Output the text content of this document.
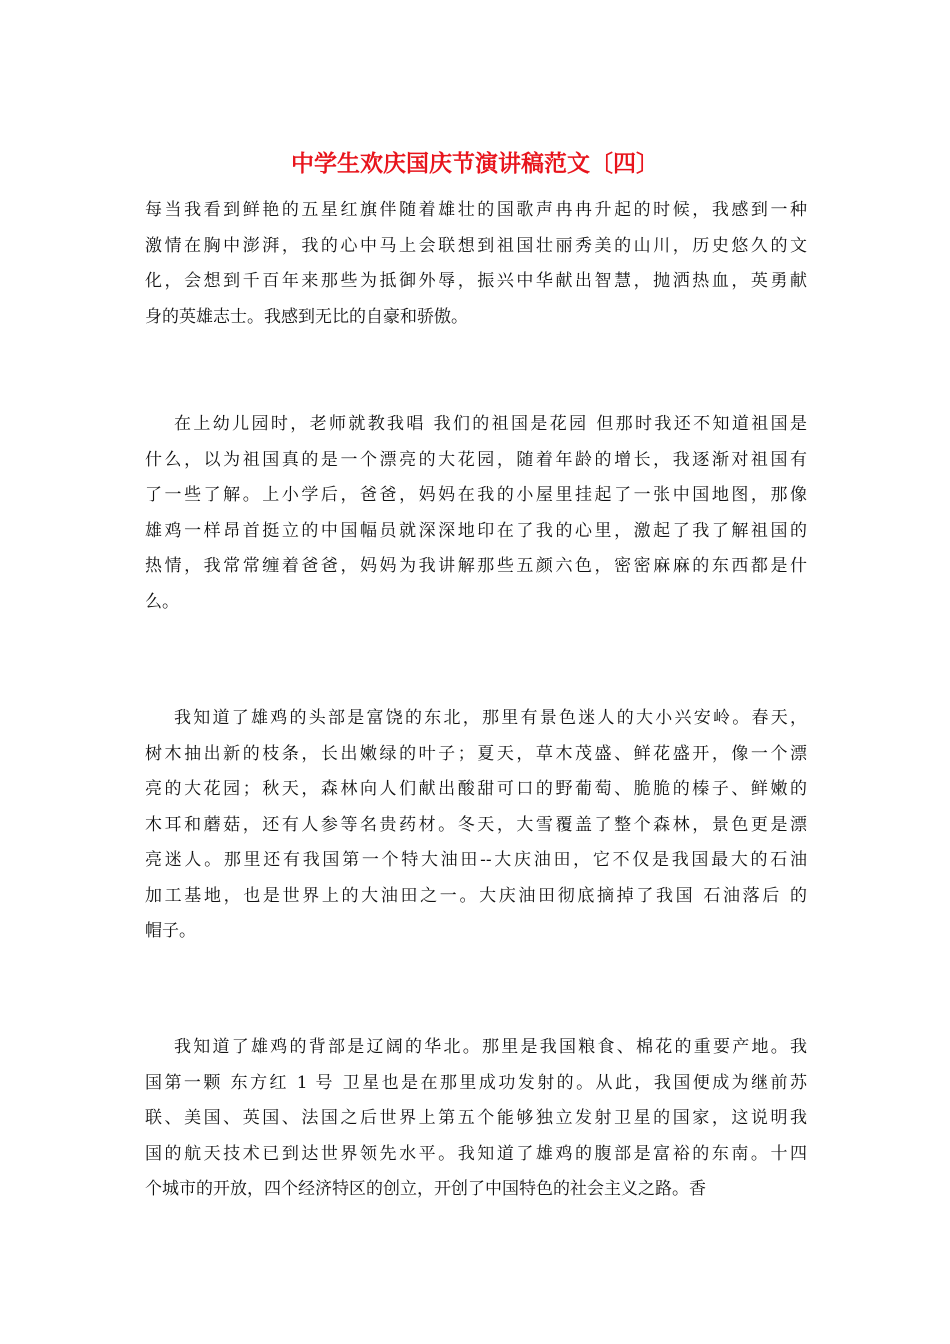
中学生欢庆国庆节演讲稿范文〔四〕
每当我看到鲜艳的五星红旗伴随着雄壮的国歌声冉冉升起的时候，我感到一种
激情在胸中澎湃，我的心中马上会联想到祖国壮丽秀美的山川，历史悠久的文
化，会想到千百年来那些为抵御外辱，振兴中华献出智慧，抛洒热血，英勇献
身的英雄志士。我感到无比的自豪和骄傲。
在上幼儿园时，老师就教我唱 我们的祖国是花园 但那时我还不知道祖国是
什么，以为祖国真的是一个漂亮的大花园，随着年龄的增长，我逐渐对祖国有
了一些了解。上小学后，爸爸，妈妈在我的小屋里挂起了一张中国地图，那像
雄鸡一样昂首挺立的中国幅员就深深地印在了我的心里，激起了我了解祖国的
热情，我常常缠着爸爸，妈妈为我讲解那些五颜六色，密密麻麻的东西都是什
么。
我知道了雄鸡的头部是富饶的东北，那里有景色迷人的大小兴安岭。春天，
树木抽出新的枝条，长出嫩绿的叶子；夏天，草木茂盛、鲜花盛开，像一个漂
亮的大花园；秋天，森林向人们献出酸甜可口的野葡萄、脆脆的榛子、鲜嫩的
木耳和蘑菇，还有人参等名贵药材。冬天，大雪覆盖了整个森林，景色更是漂
亮迷人。那里还有我国第一个特大油田--大庆油田，它不仅是我国最大的石油
加工基地，也是世界上的大油田之一。大庆油田彻底摘掉了我国 石油落后 的
帽子。
我知道了雄鸡的背部是辽阔的华北。那里是我国粮食、棉花的重要产地。我
国第一颗 东方红 1 号 卫星也是在那里成功发射的。从此，我国便成为继前苏
联、美国、英国、法国之后世界上第五个能够独立发射卫星的国家，这说明我
国的航天技术已到达世界领先水平。我知道了雄鸡的腹部是富裕的东南。十四
个城市的开放，四个经济特区的创立，开创了中国特色的社会主义之路。香
